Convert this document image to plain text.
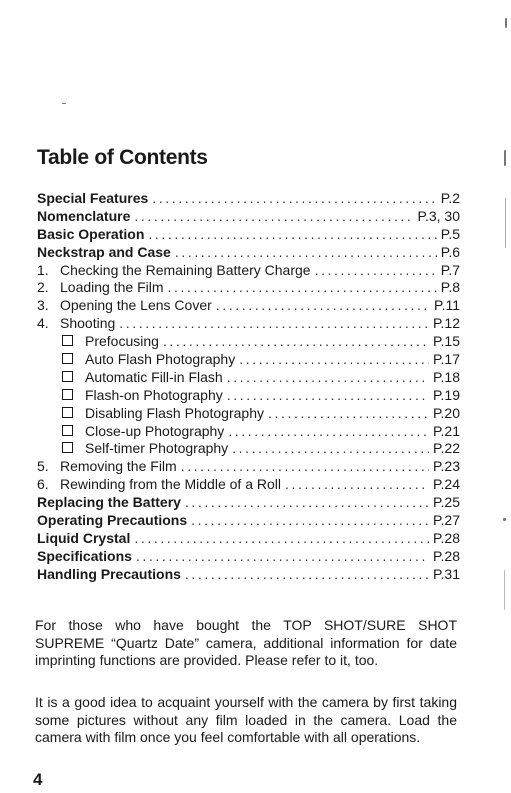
Table of Contents
Special Features .....	P.2
Nomenclature .....	P.3, 30
Basic Operation .....	P.5
Neckstrap and Case .....	P.6
1. Checking the Remaining Battery Charge .....	P.7
2. Loading the Film .....	P.8
3. Opening the Lens Cover .....	P.11
4. Shooting .....	P.12
Prefocusing .....	P.15
Auto Flash Photography .....	P.17
Automatic Fill-in Flash .....	P.18
Flash-on Photography .....	P.19
Disabling Flash Photography .....	P.20
Close-up Photography .....	P.21
Self-timer Photography .....	P.22
5. Removing the Film .....	P.23
6. Rewinding from the Middle of a Roll .....	P.24
Replacing the Battery .....	P.25
Operating Precautions .....	P.27
Liquid Crystal .....	P.28
Specifications .....	P.28
Handling Precautions .....	P.31

For those who have bought the TOP SHOT/SURE SHOT SUPREME “Quartz Date” camera, additional information for date imprinting functions are provided. Please refer to it, too.

It is a good idea to acquaint yourself with the camera by first taking some pictures without any film loaded in the camera. Load the camera with film once you feel comfortable with all operations.

4
